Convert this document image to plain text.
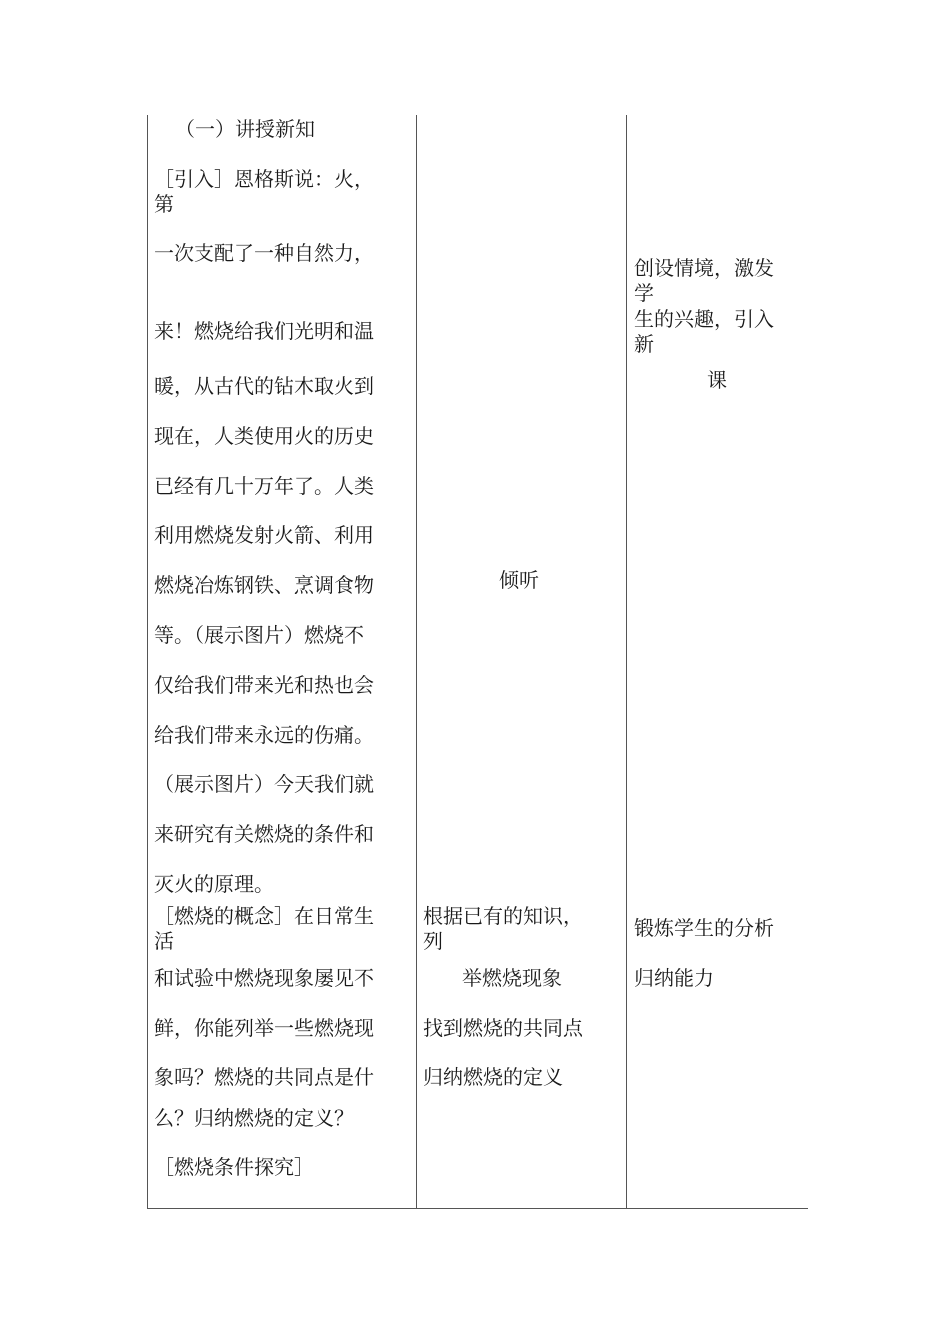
（一）讲授新知
［引入］恩格斯说：火，
第
一次支配了一种自然力，
来！燃烧给我们光明和温
暖，从古代的钻木取火到
现在，人类使用火的历史
已经有几十万年了。人类
利用燃烧发射火箭、利用
燃烧冶炼钢铁、烹调食物
等。（展示图片）燃烧不
仅给我们带来光和热也会
给我们带来永远的伤痛。
（展示图片）今天我们就
来研究有关燃烧的条件和
灭火的原理。
［燃烧的概念］在日常生
活
和试验中燃烧现象屡见不
鲜，你能列举一些燃烧现
象吗？燃烧的共同点是什
么？归纳燃烧的定义？
［燃烧条件探究］
倾听
根据已有的知识，
列
举燃烧现象
找到燃烧的共同点
归纳燃烧的定义
创设情境，激发
学
生的兴趣，引入
新
课
锻炼学生的分析
归纳能力
